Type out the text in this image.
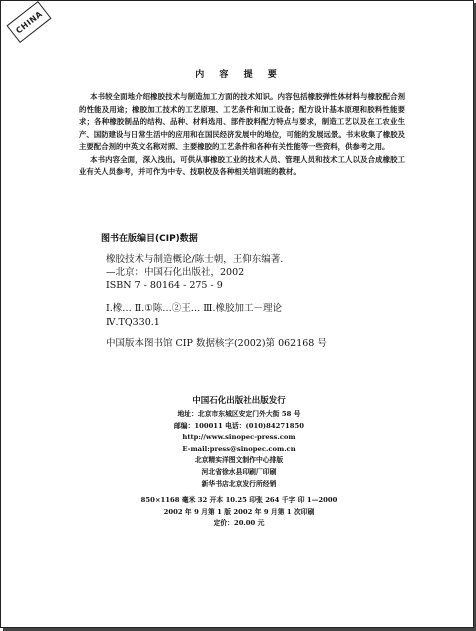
CHINA
内 容 提 要

本书较全面地介绍橡胶技术与制造加工方面的技术知识。内容包括橡胶弹性体材料与橡胶配合剂的性能及用途；橡胶加工技术的工艺原理、工艺条件和加工设备；配方设计基本原理和胶料性能要求；各种橡胶制品的结构、品种、材料选用、部件胶料配方特点与要求，制造工艺以及在工农业生产、国防建设与日常生活中的应用和在国民经济发展中的地位，可能的发展远景。书末收集了橡胶及主要配合剂的中英文名称对照、主要橡胶的工艺条件和各种有关性能等一些资料，供参考之用。

本书内容全面，深入浅出。可供从事橡胶工业的技术人员、管理人员和技术工人以及合成橡胶工业有关人员参考，并可作为中专、技职校及各种相关培训班的教材。

图书在版编目(CIP)数据
橡胶技术与制造概论/陈士朝，王仰东编著.
—北京：中国石化出版社，2002
ISBN 7 - 80164 - 275 - 9
Ⅰ.橡… Ⅱ.①陈…②王… Ⅲ.橡胶加工－理论
Ⅳ.TQ330.1
中国版本图书馆 CIP 数据核字(2002)第 062168 号
中国石化出版社出版发行
地址：北京市东城区安定门外大街 58 号
邮编：100011 电话：(010)84271850
http://www.sinopec-press.com
E-mail:press@sinopec.com.cn
北京精实洋图文制作中心排版
河北省徐水县印刷厂印刷
新华书店北京发行所经销
850×1168 毫米 32 开本 10.25 印张 264 千字 印 1—2000
2002 年 9 月第 1 版 2002 年 9 月第 1 次印刷
定价：20.00 元
